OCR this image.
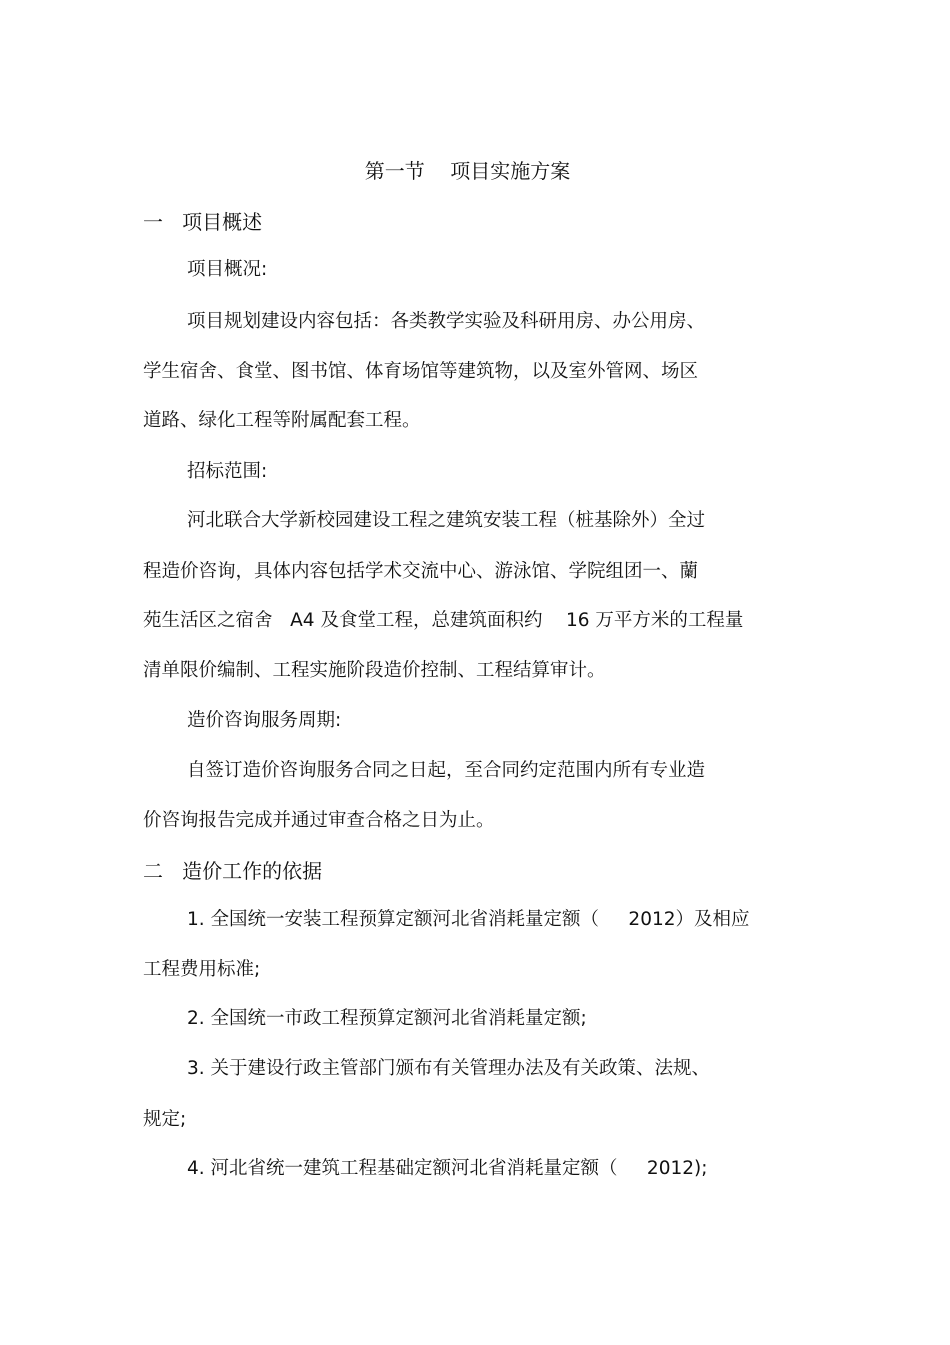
第一节    项目实施方案
一   项目概述
项目概况:
项目规划建设内容包括：各类教学实验及科研用房、办公用房、
学生宿舍、食堂、图书馆、体育场馆等建筑物，以及室外管网、场区
道路、绿化工程等附属配套工程。
招标范围:
河北联合大学新校园建设工程之建筑安装工程（桩基除外）全过
程造价咨询，具体内容包括学术交流中心、游泳馆、学院组团一、蘭
苑生活区之宿舍   A4 及食堂工程，总建筑面积约    16 万平方米的工程量
清单限价编制、工程实施阶段造价控制、工程结算审计。
造价咨询服务周期:
自签订造价咨询服务合同之日起，至合同约定范围内所有专业造
价咨询报告完成并通过审查合格之日为止。
二   造价工作的依据
1. 全国统一安装工程预算定额河北省消耗量定额（     2012）及相应
工程费用标准;
2. 全国统一市政工程预算定额河北省消耗量定额;
3. 关于建设行政主管部门颁布有关管理办法及有关政策、法规、
规定;
4. 河北省统一建筑工程基础定额河北省消耗量定额（     2012);
